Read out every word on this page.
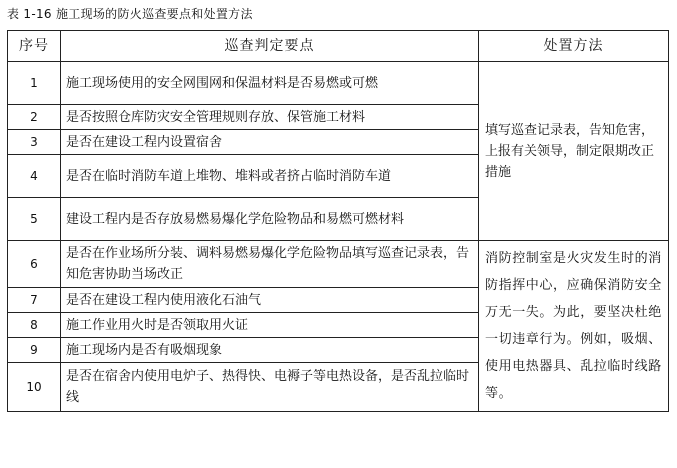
表 1-16 施工现场的防火巡查要点和处置方法
序号	巡查判定要点	处置方法
1	施工现场使用的安全网围网和保温材料是否易燃或可燃	填写巡查记录表，告知危害，上报有关领导，制定限期改正措施
2	是否按照仓库防灾安全管理规则存放、保管施工材料	
3	是否在建设工程内设置宿舍	
4	是否在临时消防车道上堆物、堆料或者挤占临时消防车道	
5	建设工程内是否存放易燃易爆化学危险物品和易燃可燃材料	
6	是否在作业场所分装、调料易燃易爆化学危险物品填写巡查记录表，告知危害协助当场改正	消防控制室是火灾发生时的消防指挥中心，应确保消防安全万无一失。为此，要坚决杜绝一切违章行为。例如，吸烟、使用电热器具、乱拉临时线路等。
7	是否在建设工程内使用液化石油气	
8	施工作业用火时是否领取用火证	
9	施工现场内是否有吸烟现象	
10	是否在宿舍内使用电炉子、热得快、电褥子等电热设备，是否乱拉临时线	
